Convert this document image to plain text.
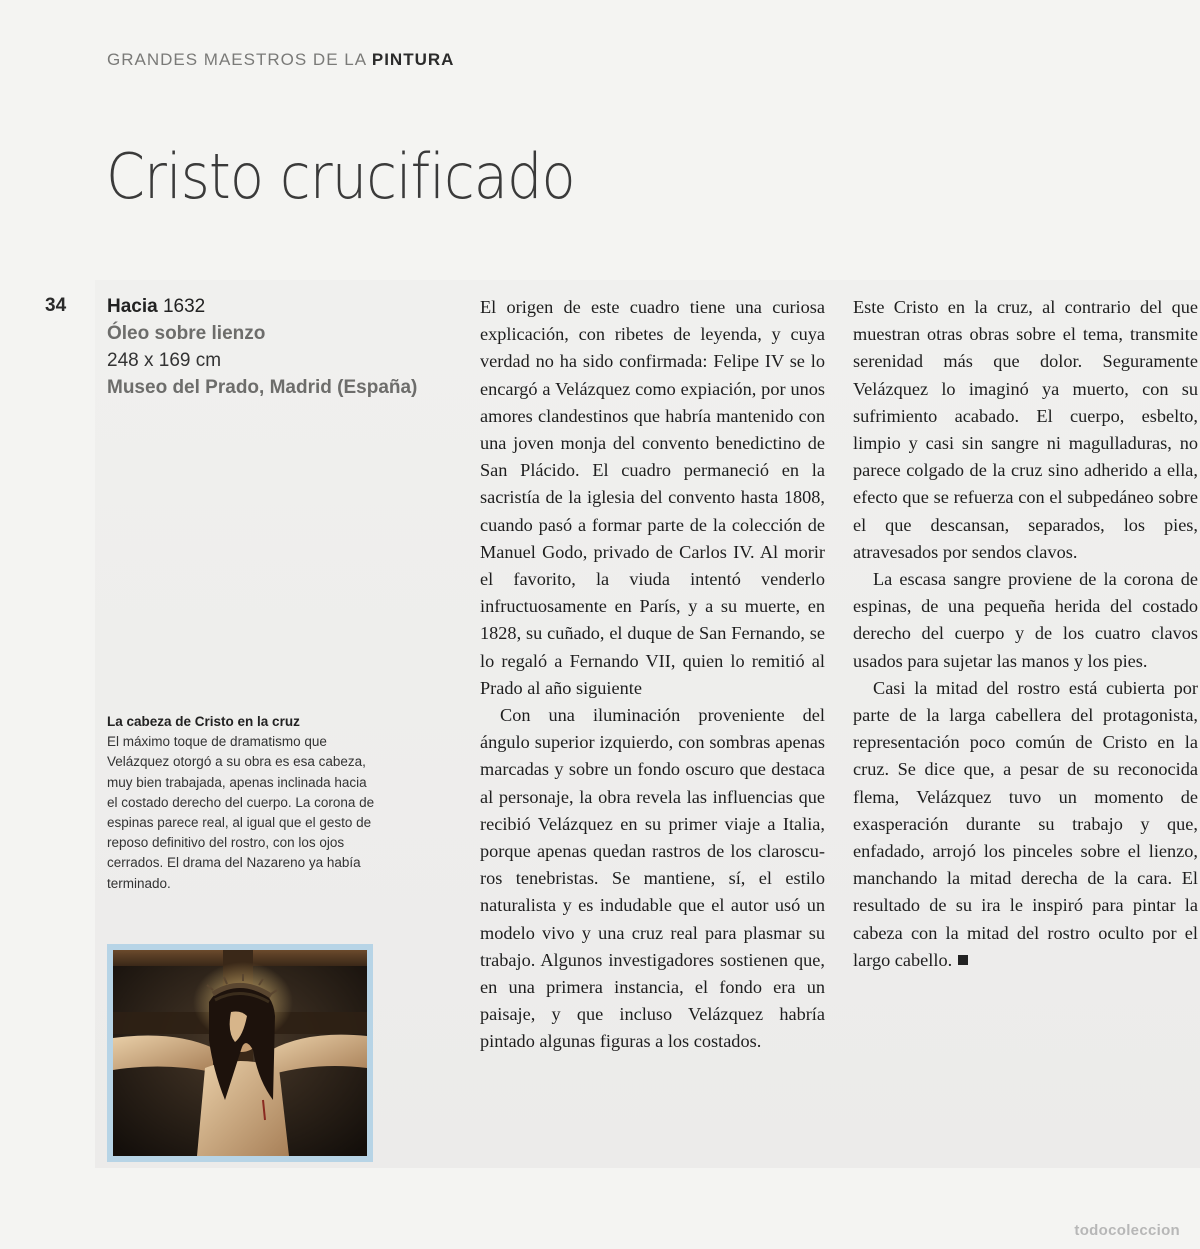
GRANDES MAESTROS DE LA PINTURA
Cristo crucificado
34 Hacia 1632
Óleo sobre lienzo
248 x 169 cm
Museo del Prado, Madrid (España)

La cabeza de Cristo en la cruz

El máximo toque de dramatismo que Velázquez otorgó a su obra es esa cabeza, muy bien trabajada, apenas inclinada hacia el costado derecho del cuerpo. La corona de espinas parece real, al igual que el gesto de reposo definitivo del rostro, con los ojos cerrados. El drama del Nazareno ya había terminado.

El origen de este cuadro tiene una curiosa explicación, con ribetes de leyenda, y cuya verdad no ha sido confirmada: Felipe IV se lo encargó a Velázquez como expiación, por unos amores clandestinos que habría mantenido con una joven monja del convento benedictino de San Plácido. El cuadro permaneció en la sacristía de la iglesia del convento hasta 1808, cuando pasó a formar parte de la colección de Manuel Godo, privado de Carlos IV. Al morir el favorito, la viuda intentó venderlo infructuosamente en París, y a su muerte, en 1828, su cuñado, el duque de San Fernando, se lo regaló a Fernando VII, quien lo remitió al Prado al año siguiente

Con una iluminación proveniente del ángulo superior izquierdo, con sombras apenas marcadas y sobre un fondo oscuro que destaca al personaje, la obra revela las influencias que recibió Velázquez en su primer viaje a Italia, porque apenas quedan rastros de los claroscuros tenebristas. Se mantiene, sí, el estilo naturalista y es indudable que el autor usó un modelo vivo y una cruz real para plasmar su trabajo. Algunos investigadores sostienen que, en una primera instancia, el fondo era un paisaje, y que incluso Velázquez habría pintado algunas figuras a los costados.

Este Cristo en la cruz, al contrario del que muestran otras obras sobre el tema, transmite serenidad más que dolor. Seguramente Velázquez lo imaginó ya muerto, con su sufrimiento acabado. El cuerpo, esbelto, limpio y casi sin sangre ni magulladuras, no parece colgado de la cruz sino adherido a ella, efecto que se refuerza con el subpedáneo sobre el que descansan, separados, los pies, atravesados por sendos clavos.

La escasa sangre proviene de la corona de espinas, de una pequeña herida del costado derecho del cuerpo y de los cuatro clavos usados para sujetar las manos y los pies.

Casi la mitad del rostro está cubierta por parte de la larga cabellera del protagonista, representación poco común de Cristo en la cruz. Se dice que, a pesar de su reconocida flema, Velázquez tuvo un momento de exasperación durante su trabajo y que, enfadado, arrojó los pinceles sobre el lienzo, manchando la mitad derecha de la cara. El resultado de su ira le inspiró para pintar la cabeza con la mitad del rostro oculto por el largo cabello.

todocoleccion
